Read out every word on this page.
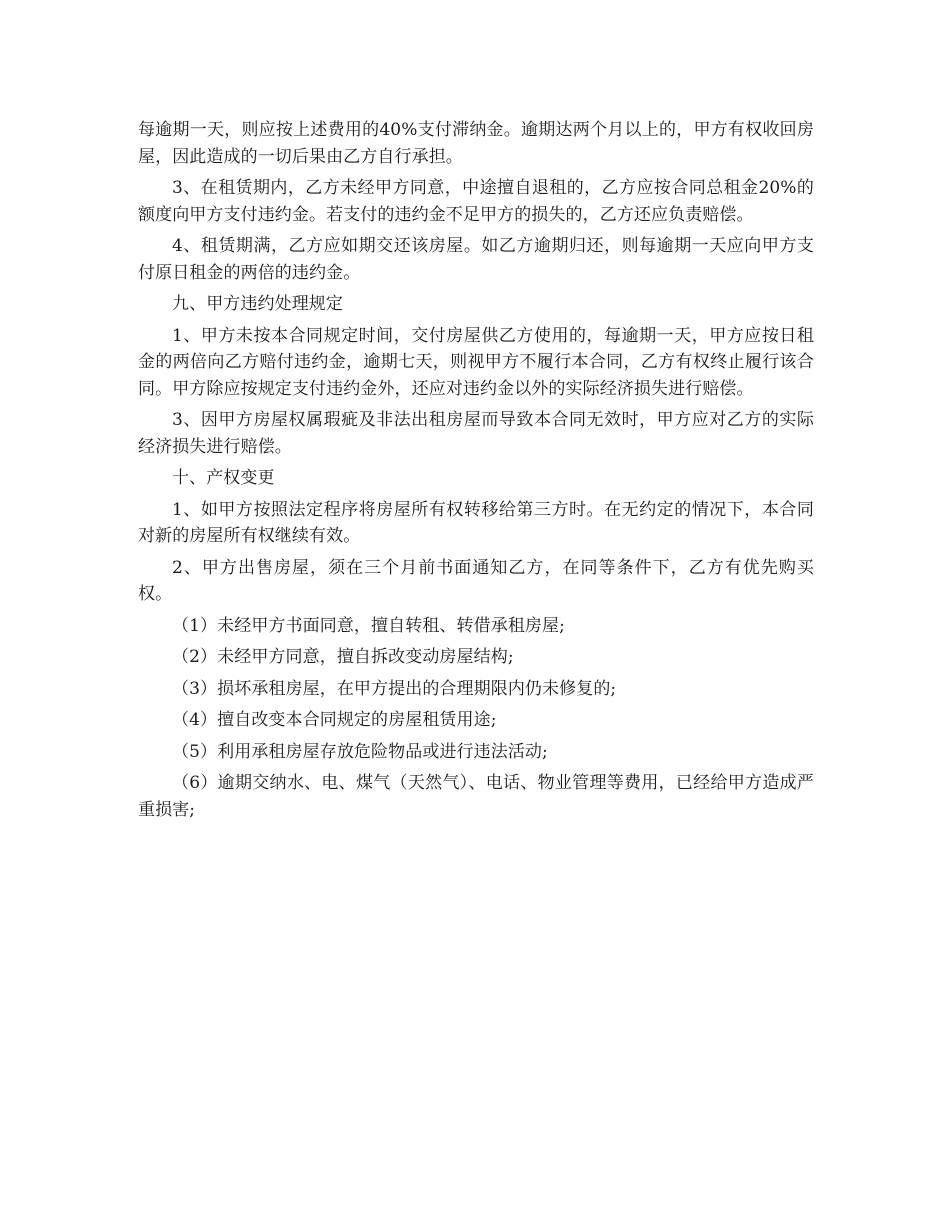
每逾期一天，则应按上述费用的40%支付滞纳金。逾期达两个月以上的，甲方有权收回房屋，因此造成的一切后果由乙方自行承担。

3、在租赁期内，乙方未经甲方同意，中途擅自退租的，乙方应按合同总租金20%的额度向甲方支付违约金。若支付的违约金不足甲方的损失的，乙方还应负责赔偿。

4、租赁期满，乙方应如期交还该房屋。如乙方逾期归还，则每逾期一天应向甲方支付原日租金的两倍的违约金。

九、甲方违约处理规定

1、甲方未按本合同规定时间，交付房屋供乙方使用的，每逾期一天，甲方应按日租金的两倍向乙方赔付违约金，逾期七天，则视甲方不履行本合同，乙方有权终止履行该合同。甲方除应按规定支付违约金外，还应对违约金以外的实际经济损失进行赔偿。

3、因甲方房屋权属瑕疵及非法出租房屋而导致本合同无效时，甲方应对乙方的实际经济损失进行赔偿。

十、产权变更

1、如甲方按照法定程序将房屋所有权转移给第三方时。在无约定的情况下，本合同对新的房屋所有权继续有效。

2、甲方出售房屋，须在三个月前书面通知乙方，在同等条件下，乙方有优先购买权。

（1）未经甲方书面同意，擅自转租、转借承租房屋;

（2）未经甲方同意，擅自拆改变动房屋结构;

（3）损坏承租房屋，在甲方提出的合理期限内仍未修复的;

（4）擅自改变本合同规定的房屋租赁用途;

（5）利用承租房屋存放危险物品或进行违法活动;

（6）逾期交纳水、电、煤气（天然气）、电话、物业管理等费用，已经给甲方造成严重损害;
